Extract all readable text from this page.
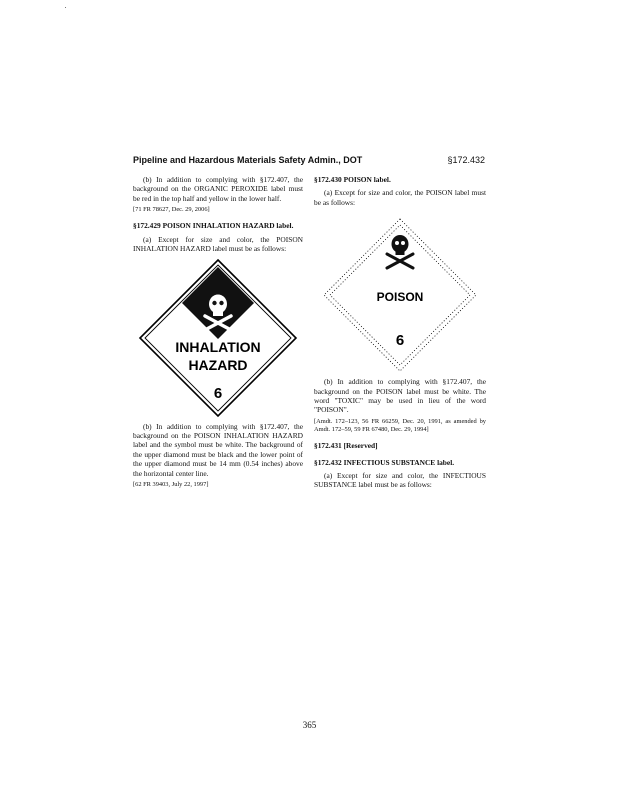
Pipeline and Hazardous Materials Safety Admin., DOT	§172.432

(b) In addition to complying with §172.407, the background on the ORGANIC PEROXIDE label must be red in the top half and yellow in the lower half.

[71 FR 78627, Dec. 29, 2006]

§172.429 POISON INHALATION HAZARD label.

(a) Except for size and color, the POISON INHALATION HAZARD label must be as follows:

INHALATION
HAZARD
6

(b) In addition to complying with §172.407, the background on the POISON INHALATION HAZARD label and the symbol must be white. The background of the upper diamond must be black and the lower point of the upper diamond must be 14 mm (0.54 inches) above the horizontal center line.

[62 FR 39403, July 22, 1997]

§172.430 POISON label.

(a) Except for size and color, the POISON label must be as follows:

POISON
6

(b) In addition to complying with §172.407, the background on the POISON label must be white. The word "TOXIC" may be used in lieu of the word "POISON".

[Amdt. 172–123, 56 FR 66259, Dec. 20, 1991, as amended by Amdt. 172–59, 59 FR 67480, Dec. 29, 1994]

§172.431 [Reserved]

§172.432 INFECTIOUS SUBSTANCE label.

(a) Except for size and color, the INFECTIOUS SUBSTANCE label must be as follows:

365
